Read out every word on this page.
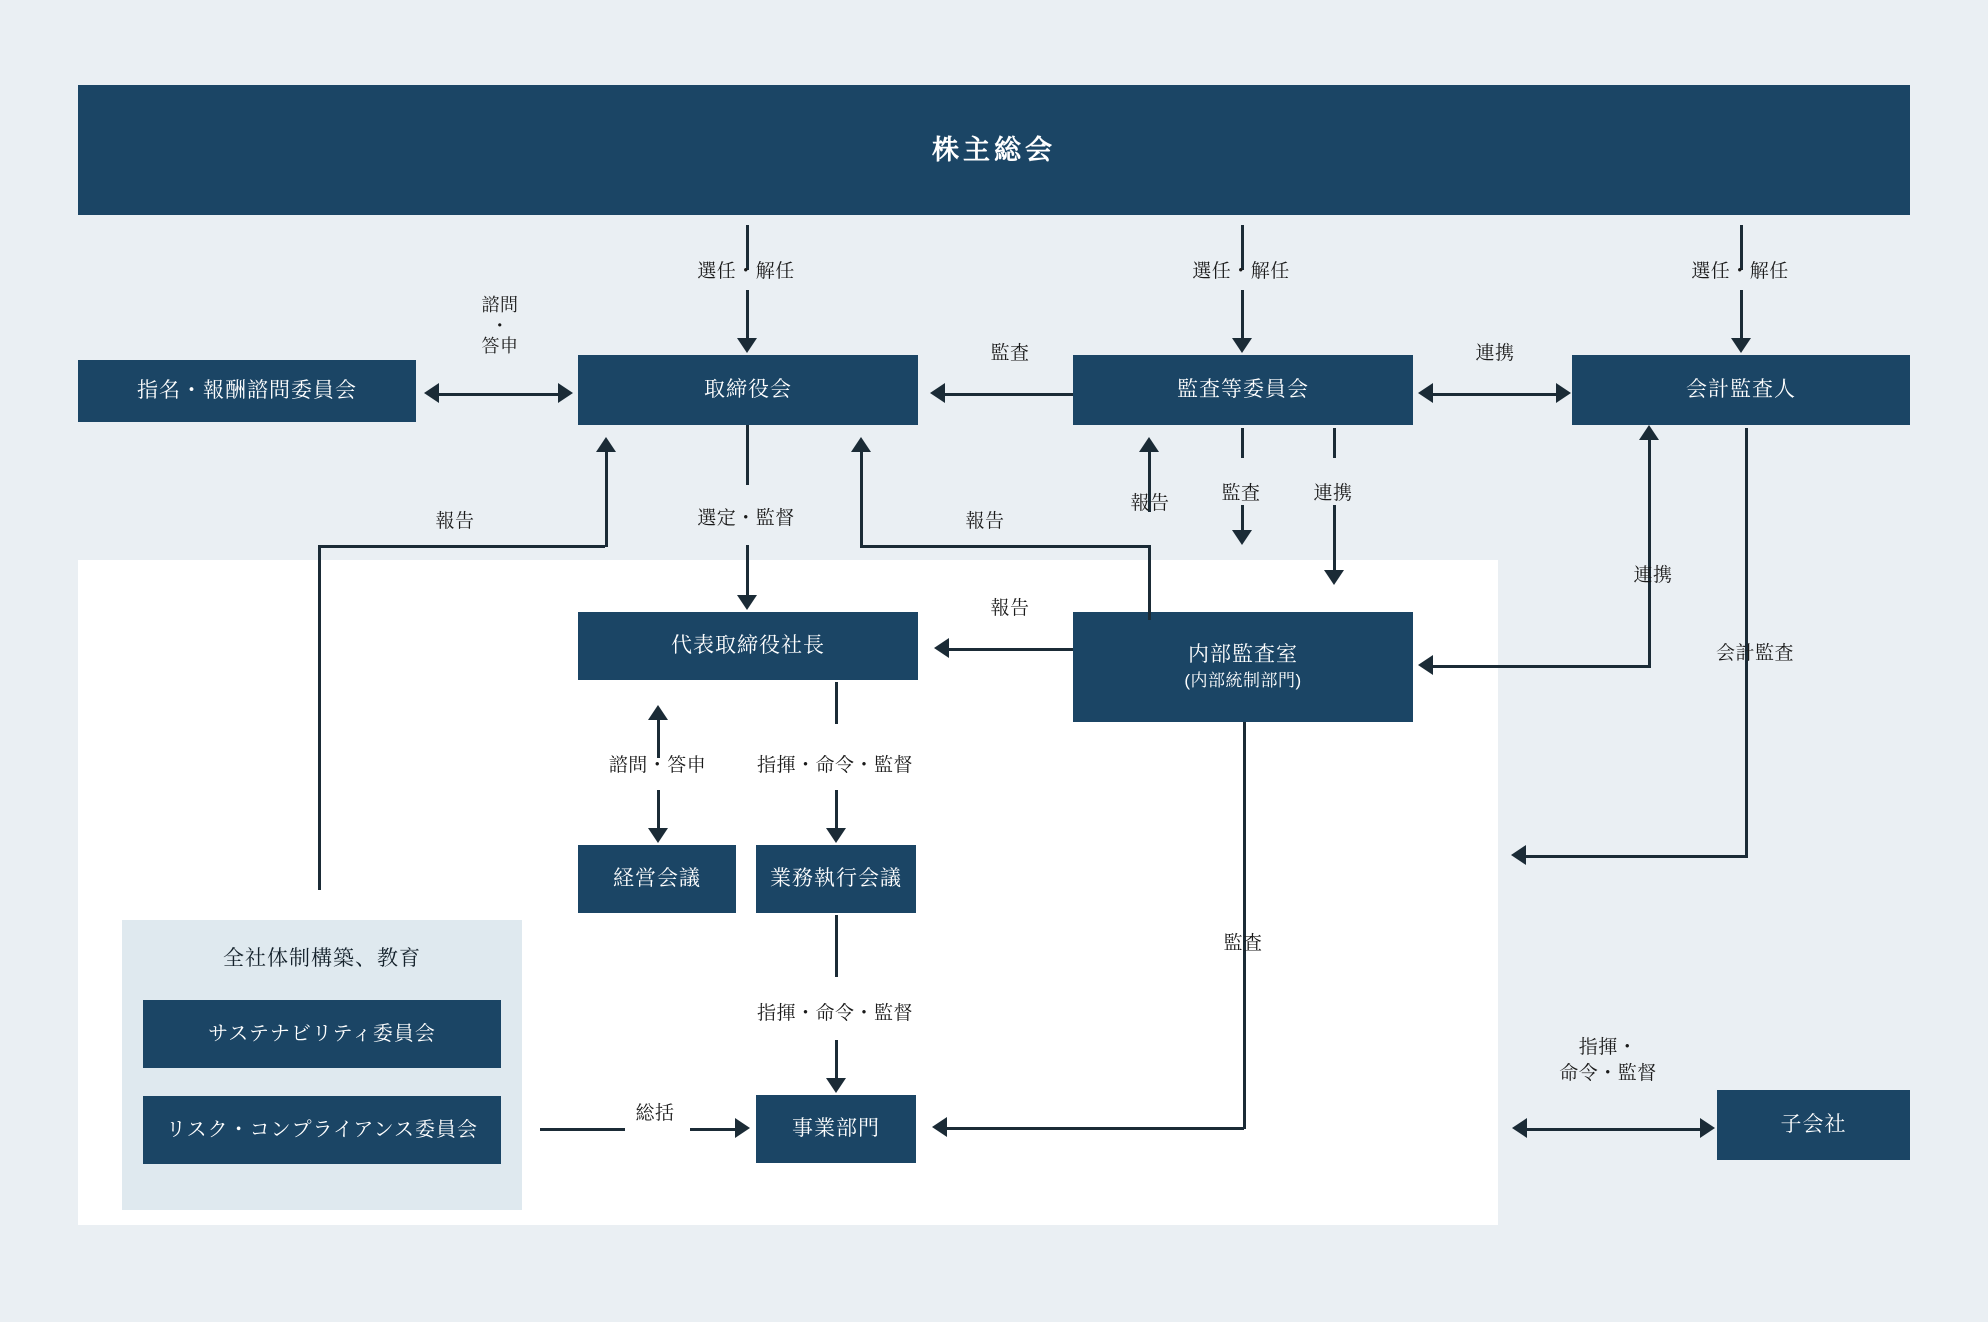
株主総会
指名・報酬諮問委員会	取締役会	監査等委員会	会計監査人
代表取締役社長	内部監査室
(内部統制部門)
経営会議	業務執行会議
事業部門
サステナビリティ委員会
リスク・コンプライアンス委員会	子会社
全社体制構築、教育
選任・解任	選任・解任	選任・解任
諮問
・
答申	監査	連携
選定・監督
報告	報告
報告	監査	連携
報告
連携
会計監査
諮問・答申	指揮・命令・監督
指揮・命令・監督
監査
総括
指揮・
命令・監督
